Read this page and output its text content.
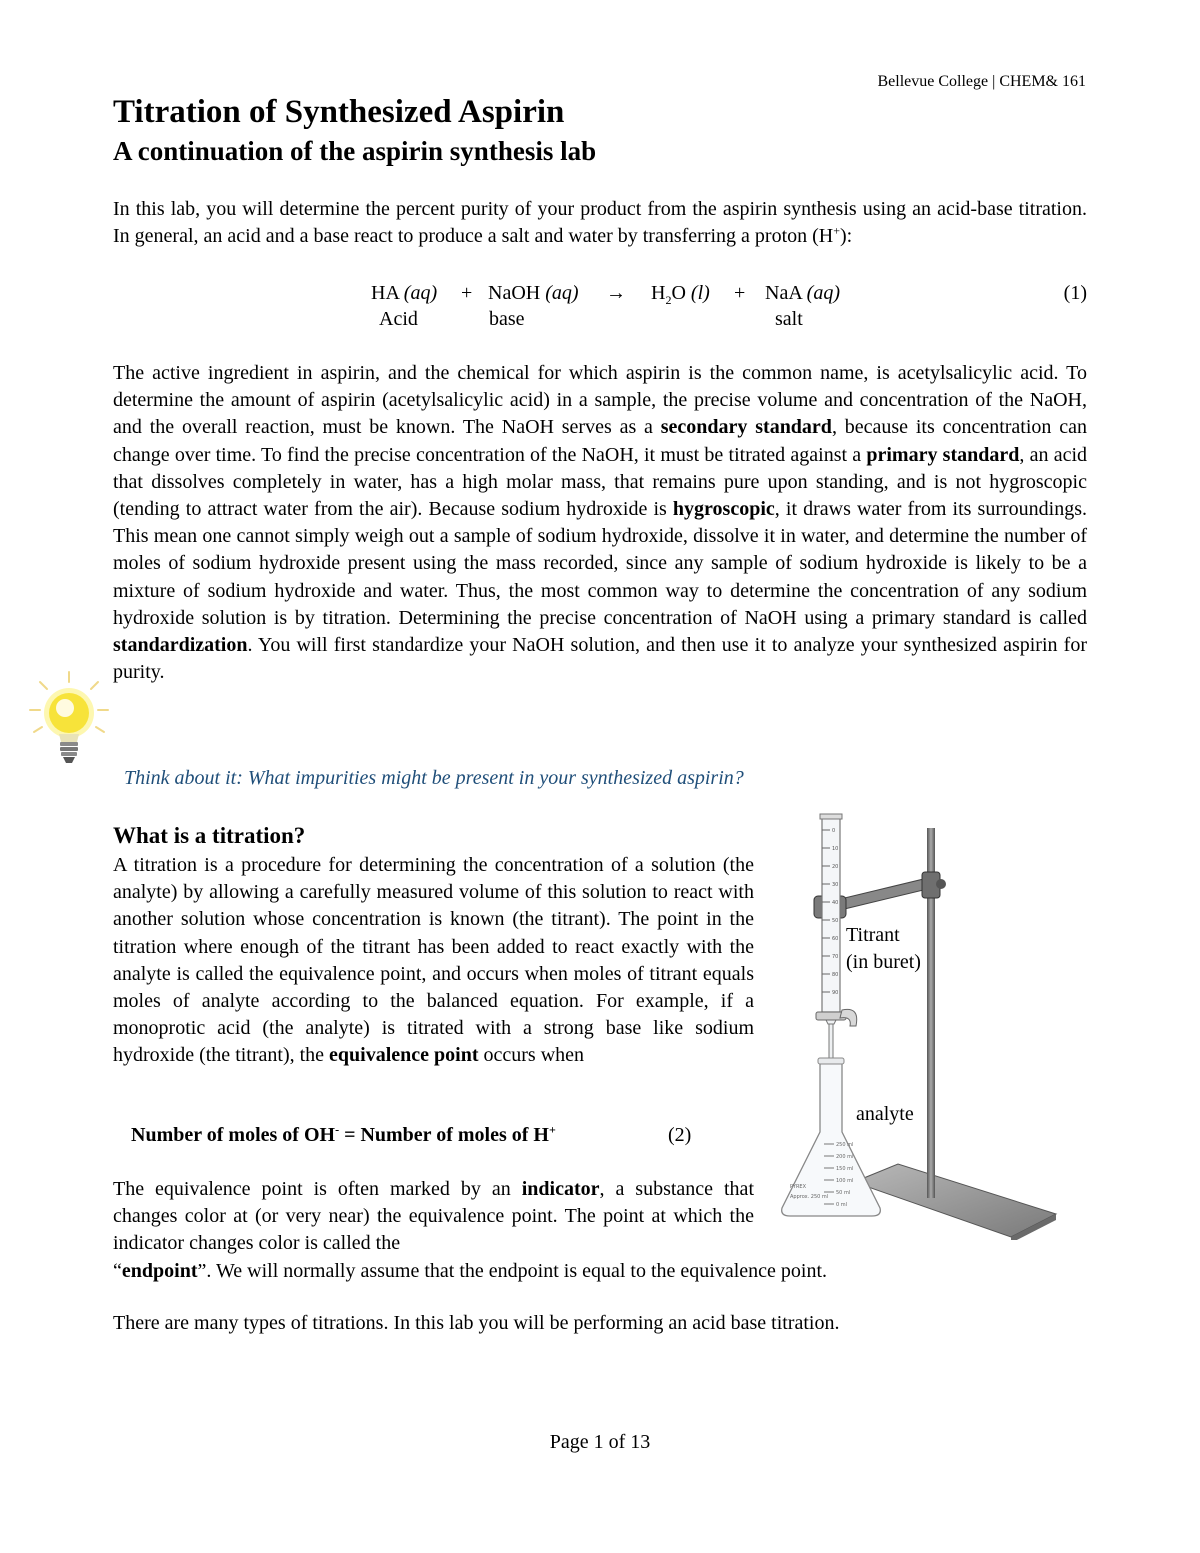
Bellevue College | CHEM& 161
Titration of Synthesized Aspirin
A continuation of the aspirin synthesis lab
In this lab, you will determine the percent purity of your product from the aspirin synthesis using an acid-base titration. In general, an acid and a base react to produce a salt and water by transferring a proton (H+):
HA (aq) + NaOH $(aq) \to H_2O$ (l) + NaA (aq)	(1)
Acid	base	salt
The active ingredient in aspirin, and the chemical for which aspirin is the common name, is acetylsalicylic acid. To determine the amount of aspirin (acetylsalicylic acid) in a sample, the precise volume and concentration of the NaOH, and the overall reaction, must be known. The NaOH serves as a secondary standard, because its concentration can change over time. To find the precise concentration of the NaOH, it must be titrated against a primary standard, an acid that dissolves completely in water, has a high molar mass, that remains pure upon standing, and is not hygroscopic (tending to attract water from the air). Because sodium hydroxide is hygroscopic, it draws water from its surroundings. This mean one cannot simply weigh out a sample of sodium hydroxide, dissolve it in water, and determine the number of moles of sodium hydroxide present using the mass recorded, since any sample of sodium hydroxide is likely to be a mixture of sodium hydroxide and water. Thus, the most common way to determine the concentration of any sodium hydroxide solution is by titration. Determining the precise concentration of NaOH using a primary standard is called standardization. You will first standardize your NaOH solution, and then use it to analyze your synthesized aspirin for purity.
Think about it: What impurities might be present in your synthesized aspirin?
What is a titration?
A titration is a procedure for determining the concentration of a solution (the analyte) by allowing a carefully measured volume of this solution to react with another solution whose concentration is known (the titrant). The point in the titration where enough of the titrant has been added to react exactly with the analyte is called the equivalence point, and occurs when moles of titrant equals moles of analyte according to the balanced equation. For example, if a monoprotic acid (the analyte) is titrated with a strong base like sodium hydroxide (the titrant), the equivalence point occurs when
Number of moles of OH- = Number of moles of H+	(2)
The equivalence point is often marked by an indicator, a substance that changes color at (or very near) the equivalence point. The point at which the indicator changes color is called the
“endpoint”. We will normally assume that the endpoint is equal to the equivalence point.
There are many types of titrations. In this lab you will be performing an acid base titration.
0
10
20
30
40
50
60
70
80
90
250 ml
200 ml
150 ml
100 ml
50 ml
0 ml
PYREX
Approx. 250 ml
Titrant
(in buret)
analyte
Page 1 of 13
